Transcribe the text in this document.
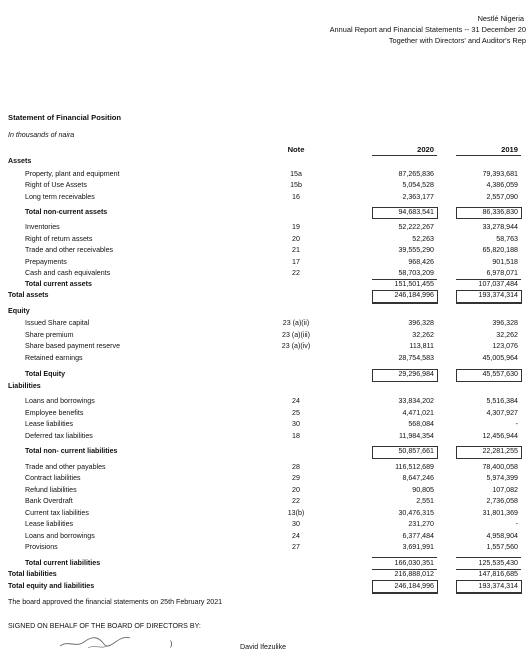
Nestlé Nigeria
Annual Report and Financial Statements -- 31 December 20
Together with Directors' and Auditor's Rep
Statement of Financial Position
In thousands of naira
Note	2020	2019
Assets
Property, plant and equipment	15a	87,265,836	79,393,681
Right of Use Assets	15b	5,054,528	4,386,059
Long term receivables	16	2,363,177	2,557,090
Total non-current assets	94,683,541	86,336,830
Inventories	19	52,222,267	33,278,944
Right of return assets	20	52,263	58,763
Trade and other receivables	21	39,555,290	65,820,188
Prepayments	17	968,426	901,518
Cash and cash equivalents	22	58,703,209	6,978,071
Total current assets	151,501,455	107,037,484
Total assets	246,184,996	193,374,314
Equity
Issued Share capital	23 (a)(ii)	396,328	396,328
Share premium	23 (a)(iii)	32,262	32,262
Share based payment reserve	23 (a)(iv)	113,811	123,076
Retained earnings	28,754,583	45,005,964
Total Equity	29,296,984	45,557,630
Liabilities
Loans and borrowings	24	33,834,202	5,516,384
Employee benefits	25	4,471,021	4,307,927
Lease liabilities	30	568,084	-
Deferred tax liabilities	18	11,984,354	12,456,944
Total non- current liabilities	50,857,661	22,281,255
Trade and other payables	28	116,512,689	78,400,058
Contract liabilities	29	8,647,246	5,974,399
Refund liabilities	20	90,805	107,082
Bank Overdraft	22	2,551	2,736,058
Current tax liabilities	13(b)	30,476,315	31,801,369
Lease liabilities	30	231,270	-
Loans and borrowings	24	6,377,484	4,958,904
Provisions	27	3,691,991	1,557,560
Total current liabilities	166,030,351	125,535,430
Total liabilities	216,888,012	147,816,685
Total equity and liabilities	246,184,996	193,374,314
The board approved the financial statements on 25th February 2021
SIGNED ON BEHALF OF THE BOARD OF DIRECTORS BY:
)	David Ifezulike
